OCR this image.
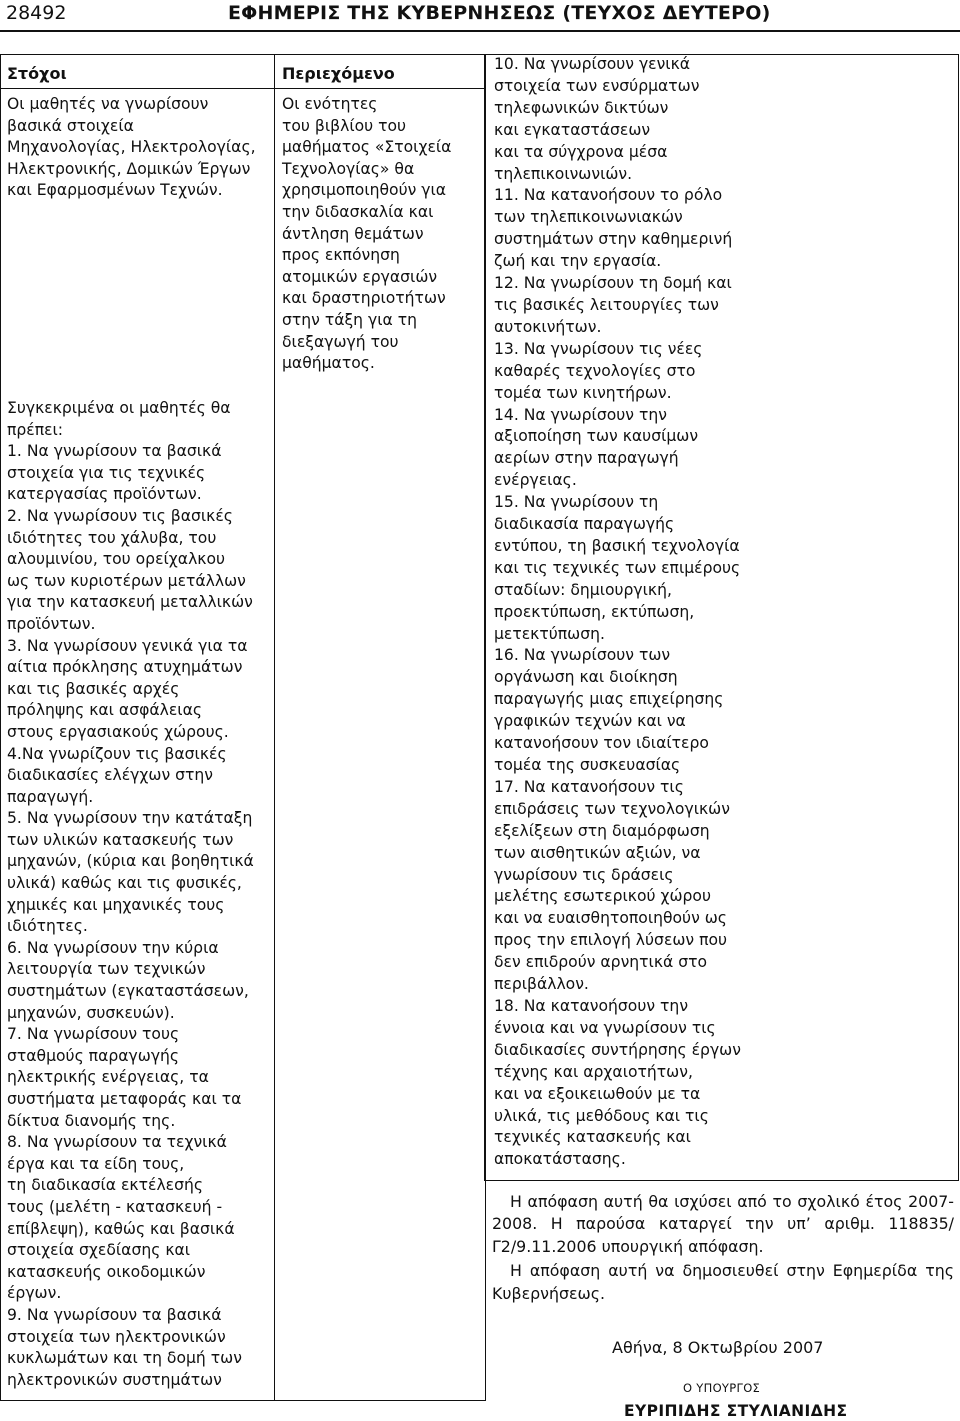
28492	ΕΦΗΜΕΡΙΣ ΤΗΣ ΚΥΒΕΡΝΗΣΕΩΣ (ΤΕΥΧΟΣ ΔΕΥΤΕΡΟ)
Στόχοι	Περιεχόμενο

Οι μαθητές να γνωρίσουν

βασικά στοιχεία

Μηχανολογίας, Ηλεκτρολογίας,

Ηλεκτρονικής, Δομικών Έργων

και Εφαρμοσμένων Τεχνών.

Συγκεκριμένα οι μαθητές θα

πρέπει:

1. Να γνωρίσουν τα βασικά

στοιχεία για τις τεχνικές

κατεργασίας προϊόντων.

2. Να γνωρίσουν τις βασικές

ιδιότητες του χάλυβα, του

αλουμινίου, του ορείχαλκου

ως των κυριοτέρων μετάλλων

για την κατασκευή μεταλλικών

προϊόντων.

3. Να γνωρίσουν γενικά για τα

αίτια πρόκλησης ατυχημάτων

και τις βασικές αρχές

πρόληψης και ασφάλειας

στους εργασιακούς χώρους.

4.Να γνωρίζουν τις βασικές

διαδικασίες ελέγχων στην

παραγωγή.

5. Να γνωρίσουν την κατάταξη

των υλικών κατασκευής των

μηχανών, (κύρια και βοηθητικά

υλικά) καθώς και τις φυσικές,

χημικές και μηχανικές τους

ιδιότητες.

6. Να γνωρίσουν την κύρια

λειτουργία των τεχνικών

συστημάτων (εγκαταστάσεων,

μηχανών, συσκευών).

7. Να γνωρίσουν τους

σταθμούς παραγωγής

ηλεκτρικής ενέργειας, τα

συστήματα μεταφοράς και τα

δίκτυα διανομής της.

8. Να γνωρίσουν τα τεχνικά

έργα και τα είδη τους,

τη διαδικασία εκτέλεσής

τους (μελέτη - κατασκευή -

επίβλεψη), καθώς και βασικά

στοιχεία σχεδίασης και

κατασκευής οικοδομικών

έργων.

9. Να γνωρίσουν τα βασικά

στοιχεία των ηλεκτρονικών

κυκλωμάτων και τη δομή των

ηλεκτρονικών συστημάτων

Οι ενότητες

του βιβλίου του

μαθήματος «Στοιχεία

Τεχνολογίας» θα

χρησιμοποιηθούν για

την διδασκαλία και

άντληση θεμάτων

προς εκπόνηση

ατομικών εργασιών

και δραστηριοτήτων

στην τάξη για τη

διεξαγωγή του

μαθήματος.

10. Να γνωρίσουν γενικά

στοιχεία των ενσύρματων

τηλεφωνικών δικτύων

και εγκαταστάσεων

και τα σύγχρονα μέσα

τηλεπικοινωνιών.

11. Να κατανοήσουν το ρόλο

των τηλεπικοινωνιακών

συστημάτων στην καθημερινή

ζωή και την εργασία.

12. Να γνωρίσουν τη δομή και

τις βασικές λειτουργίες των

αυτοκινήτων.

13. Να γνωρίσουν τις νέες

καθαρές τεχνολογίες στο

τομέα των κινητήρων.

14. Να γνωρίσουν την

αξιοποίηση των καυσίμων

αερίων στην παραγωγή

ενέργειας.

15. Να γνωρίσουν τη

διαδικασία παραγωγής

εντύπου, τη βασική τεχνολογία

και τις τεχνικές των επιμέρους

σταδίων: δημιουργική,

προεκτύπωση, εκτύπωση,

μετεκτύπωση.

16. Να γνωρίσουν των

οργάνωση και διοίκηση

παραγωγής μιας επιχείρησης

γραφικών τεχνών και να

κατανοήσουν τον ιδιαίτερο

τομέα της συσκευασίας

17. Να κατανοήσουν τις

επιδράσεις των τεχνολογικών

εξελίξεων στη διαμόρφωση

των αισθητικών αξιών, να

γνωρίσουν τις δράσεις

μελέτης εσωτερικού χώρου

και να ευαισθητοποιηθούν ως

προς την επιλογή λύσεων που

δεν επιδρούν αρνητικά στο

περιβάλλον.

18. Να κατανοήσουν την

έννοια και να γνωρίσουν τις

διαδικασίες συντήρησης έργων

τέχνης και αρχαιοτήτων,

και να εξοικειωθούν με τα

υλικά, τις μεθόδους και τις

τεχνικές κατασκευής και

αποκατάστασης.

Η απόφαση αυτή θα ισχύσει από το σχολικό έτος 2007-2008. Η παρούσα καταργεί την υπ’ αριθμ. 118835/Γ2/9.11.2006 υπουργική απόφαση.

Η απόφαση αυτή να δημοσιευθεί στην Εφημερίδα της Κυβερνήσεως.

Αθήνα, 8 Οκτωβρίου 2007
Ο ΥΠΟΥΡΓΟΣ
ΕΥΡΙΠΙΔΗΣ ΣΤΥΛΙΑΝΙΔΗΣ
